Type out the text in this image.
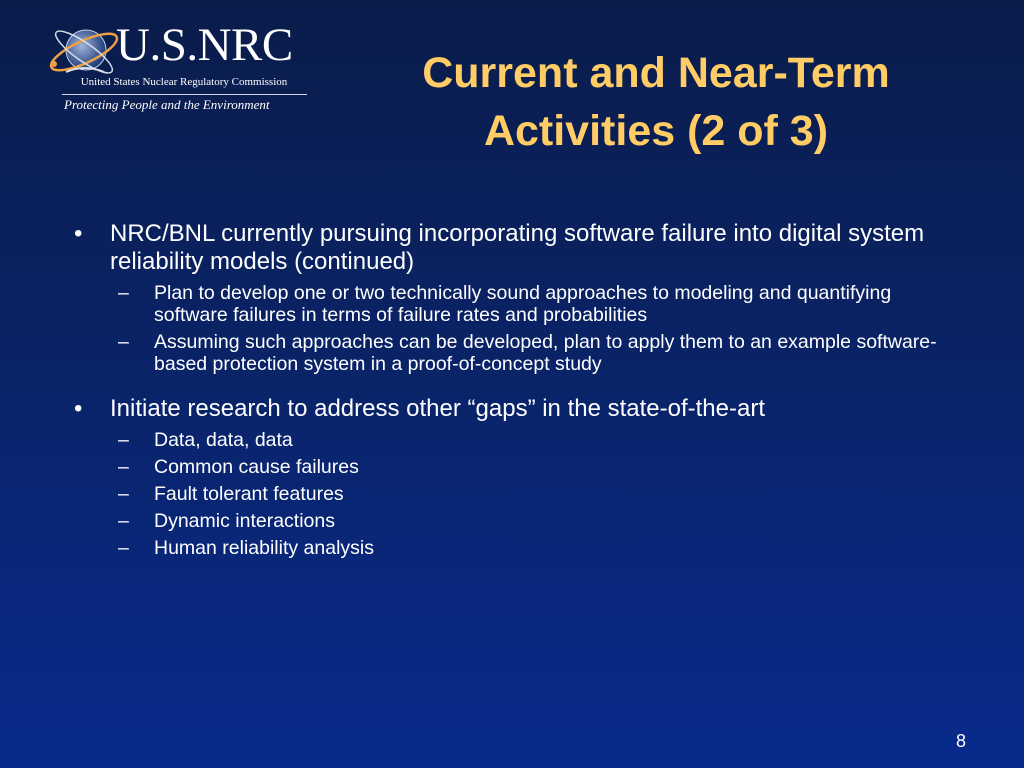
U.S.NRC
United States Nuclear Regulatory Commission
Protecting People and the Environment
Current and Near-Term
Activities (2 of 3)
• NRC/BNL currently pursuing incorporating software failure into digital system reliability models (continued)
– Plan to develop one or two technically sound approaches to modeling and quantifying software failures in terms of failure rates and probabilities
– Assuming such approaches can be developed, plan to apply them to an example software-based protection system in a proof-of-concept study
• Initiate research to address other “gaps” in the state-of-the-art
– Data, data, data
– Common cause failures
– Fault tolerant features
– Dynamic interactions
– Human reliability analysis
8
